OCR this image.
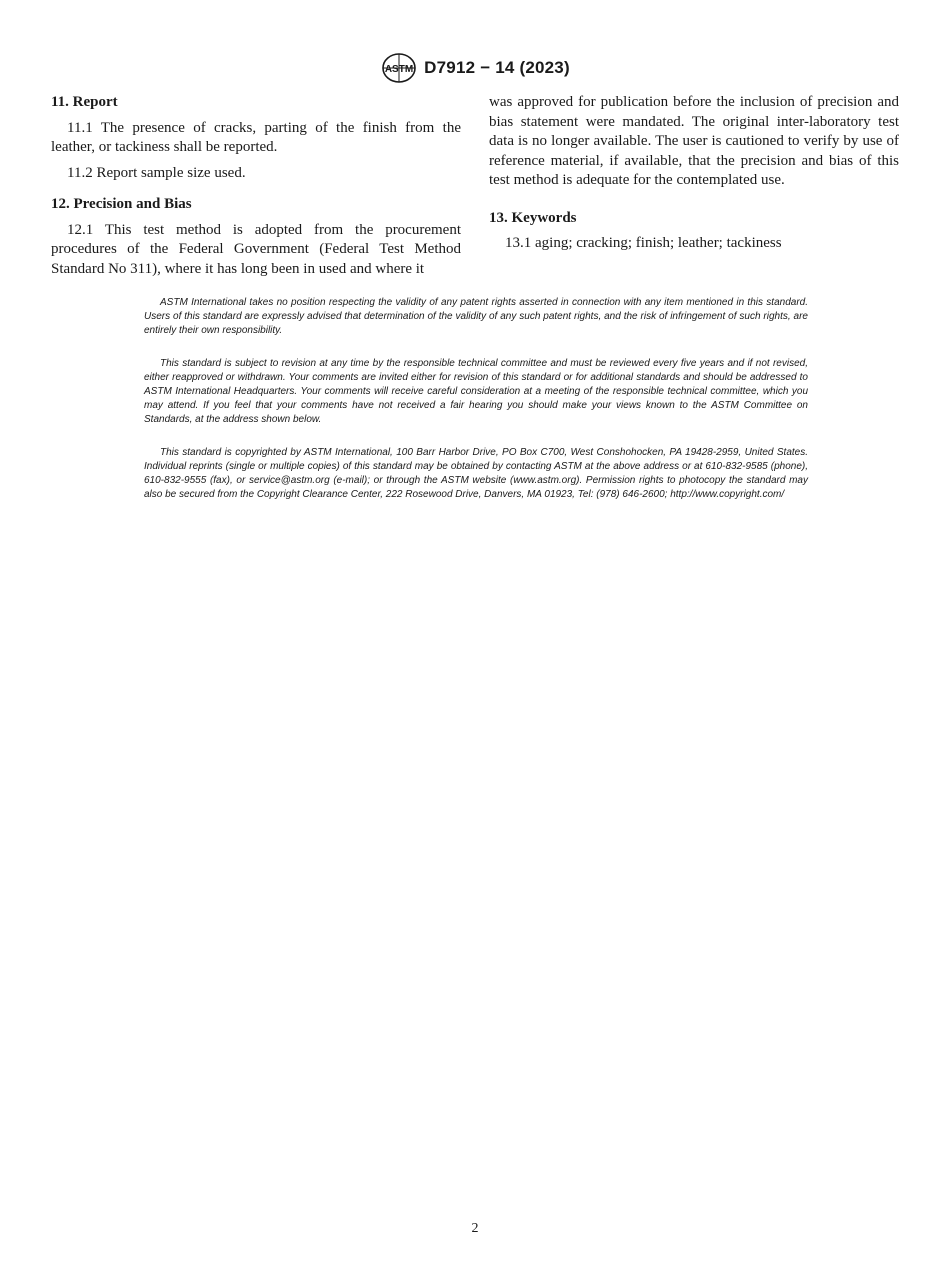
ASTM D7912 − 14 (2023)

11. Report

11.1 The presence of cracks, parting of the finish from the leather, or tackiness shall be reported.

11.2 Report sample size used.

12. Precision and Bias

12.1 This test method is adopted from the procurement procedures of the Federal Government (Federal Test Method Standard No 311), where it has long been in used and where it

was approved for publication before the inclusion of precision and bias statement were mandated. The original inter-laboratory test data is no longer available. The user is cautioned to verify by use of reference material, if available, that the precision and bias of this test method is adequate for the contemplated use.

13. Keywords

13.1 aging; cracking; finish; leather; tackiness

ASTM International takes no position respecting the validity of any patent rights asserted in connection with any item mentioned in this standard. Users of this standard are expressly advised that determination of the validity of any such patent rights, and the risk of infringement of such rights, are entirely their own responsibility.

This standard is subject to revision at any time by the responsible technical committee and must be reviewed every five years and if not revised, either reapproved or withdrawn. Your comments are invited either for revision of this standard or for additional standards and should be addressed to ASTM International Headquarters. Your comments will receive careful consideration at a meeting of the responsible technical committee, which you may attend. If you feel that your comments have not received a fair hearing you should make your views known to the ASTM Committee on Standards, at the address shown below.

This standard is copyrighted by ASTM International, 100 Barr Harbor Drive, PO Box C700, West Conshohocken, PA 19428-2959, United States. Individual reprints (single or multiple copies) of this standard may be obtained by contacting ASTM at the above address or at 610-832-9585 (phone), 610-832-9555 (fax), or service@astm.org (e-mail); or through the ASTM website (www.astm.org). Permission rights to photocopy the standard may also be secured from the Copyright Clearance Center, 222 Rosewood Drive, Danvers, MA 01923, Tel: (978) 646-2600; http://www.copyright.com/

2
